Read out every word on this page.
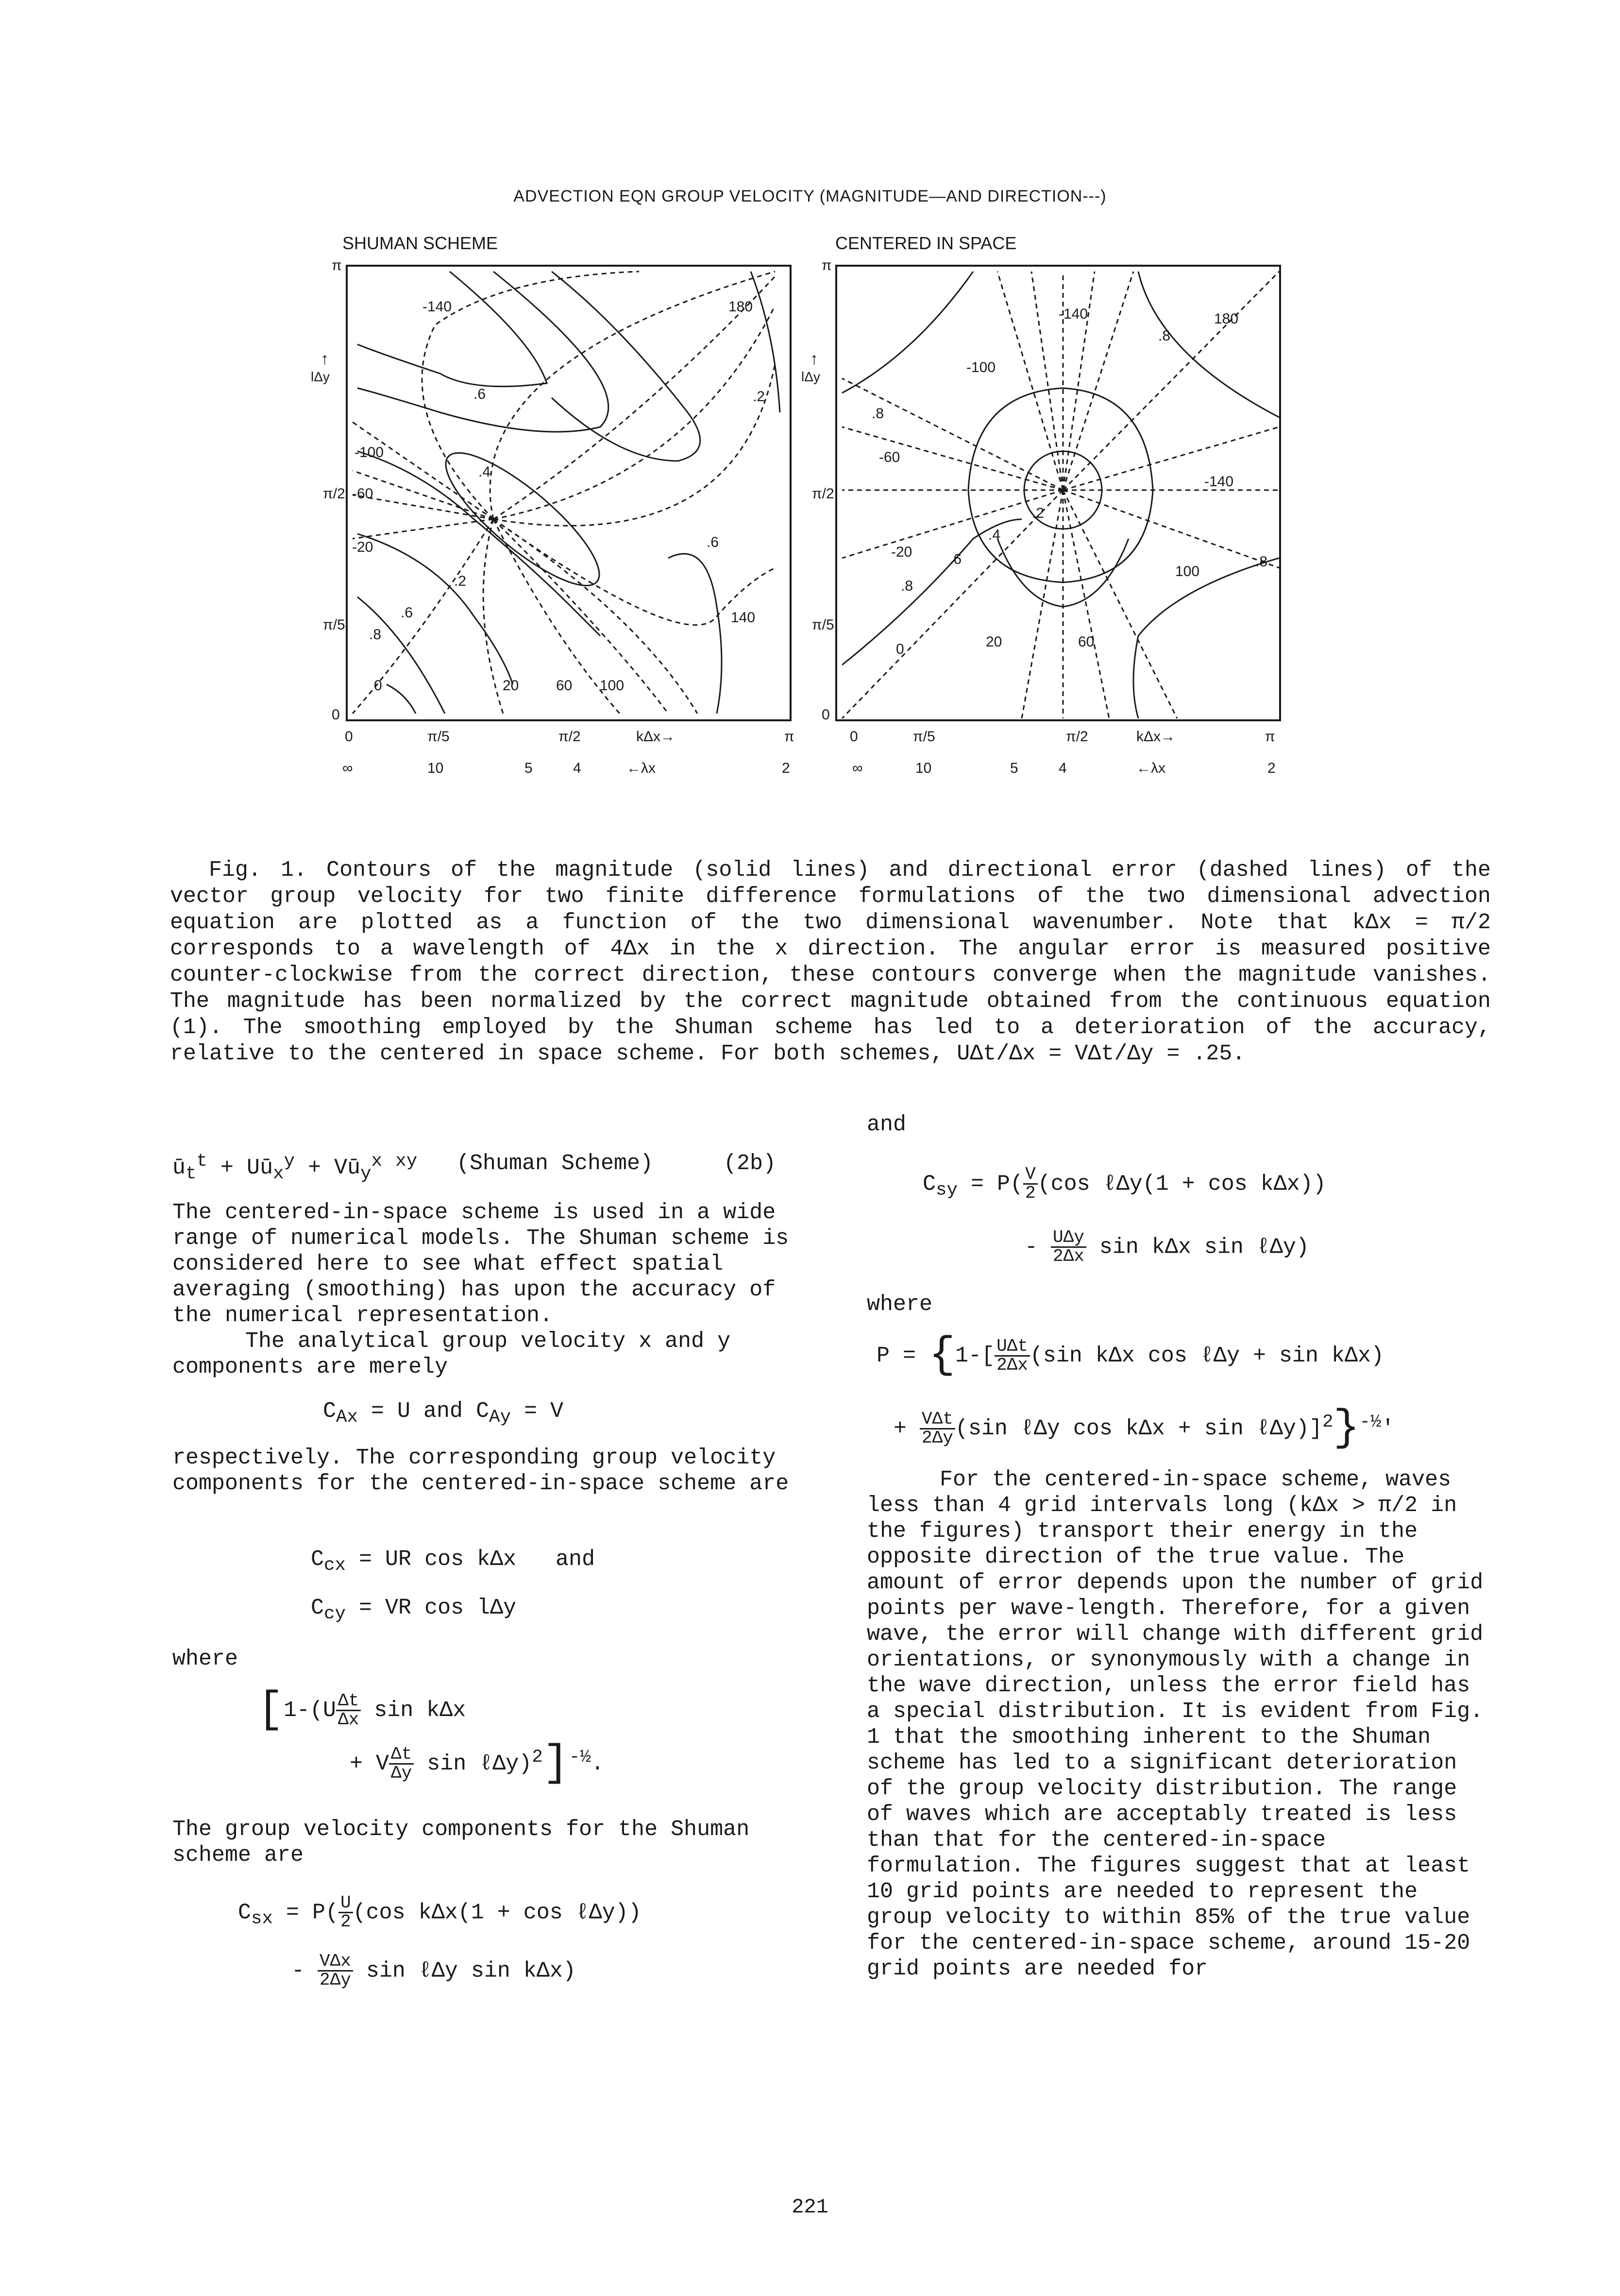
ADVECTION EQN GROUP VELOCITY (MAGNITUDE—AND DIRECTION---)
SHUMAN SCHEME
lΔy
↑
π
π/2
π/5
0
0	π/5	π/2	kΔx→	π
∞	10	5	4	←λx	2
-140	180
.6	.2
-100
.4
-60
-20
.2
.6
140
.6
.8
0	20	60 100
CENTERED IN SPACE
lΔy
↑
π
π/2
π/5
0
0	π/5	π/2	kΔx→	π
∞	10	5	4	←λx	2
-140	180
.8
-100
-60
.8
-140
.2
.4
-20	.6
.8
100
.8
0	20	60

Fig. 1. Contours of the magnitude (solid lines) and directional error (dashed lines) of the vector group velocity for two finite difference formulations of the two dimensional advection equation are plotted as a function of the two dimensional wavenumber. Note that kΔx = π/2 corresponds to a wavelength of 4Δx in the x direction. The angular error is measured positive counter-clockwise from the correct direction, these contours converge when the magnitude vanishes. The magnitude has been normalized by the correct magnitude obtained from the continuous equation (1). The smoothing employed by the Shuman scheme has led to a deterioration of the accuracy, relative to the centered in space scheme. For both schemes, UΔt/Δx = VΔt/Δy = .25.

$ū_t^t$ + $Uū_x^y$ + $Vū_y^x$ $^{xy}$ (Shuman Scheme)	(2b)

The centered-in-space scheme is used in a wide range of numerical models. The Shuman scheme is considered here to see what effect spatial averaging (smoothing) has upon the accuracy of the numerical representation.

The analytical group velocity x and y components are merely

$C_{Ax} = U$ and $C_{Ay} = V$
respectively. The corresponding group velocity components for the centered-in-space scheme are
$C_{cx}$ = UR cos kΔx   and
$C_{cy}$ = VR cos lΔy
where
[$1-(U \frac{\Delta t}{\Delta x}$ sin kΔx
+ V $\frac{\Delta t}{\Delta y}$ sin ℓΔy)$^2$]$^{-\frac{1}{2}}$.
The group velocity components for the Shuman scheme are
$C_{sx} = P( \frac{U}{2} (\cos$ kΔx(1 + cos ℓΔy))
- $\frac{\text{VΔx}}{2\Delta y}$ sin ℓΔy sin kΔx)
and
$C_{sy} = P( \frac{V}{2} (\cos$ ℓΔy(1 + cos kΔx))
- $\frac{\text{UΔy}}{2\Delta x}$ sin kΔx sin ℓΔy)
where
$P = \{1-[ \frac{\text{UΔt}}{2\Delta x} (\sin$ kΔx cos ℓΔy + sin kΔx)
+ $\frac{\text{VΔt}}{2\Delta y} (\sin$ ℓΔy cos kΔx + sin ℓΔy)]$^2$}$^{-\frac{1}{2}}$'

For the centered-in-space scheme, waves less than 4 grid intervals long (kΔx > π/2 in the figures) transport their energy in the opposite direction of the true value. The amount of error depends upon the number of grid points per wave-length. Therefore, for a given wave, the error will change with different grid orientations, or synonymously with a change in the wave direction, unless the error field has a special distribution. It is evident from Fig. 1 that the smoothing inherent to the Shuman scheme has led to a significant deterioration of the group velocity distribution. The range of waves which are acceptably treated is less than that for the centered-in-space formulation. The figures suggest that at least 10 grid points are needed to represent the group velocity to within 85% of the true value for the centered-in-space scheme, around 15-20 grid points are needed for

221
